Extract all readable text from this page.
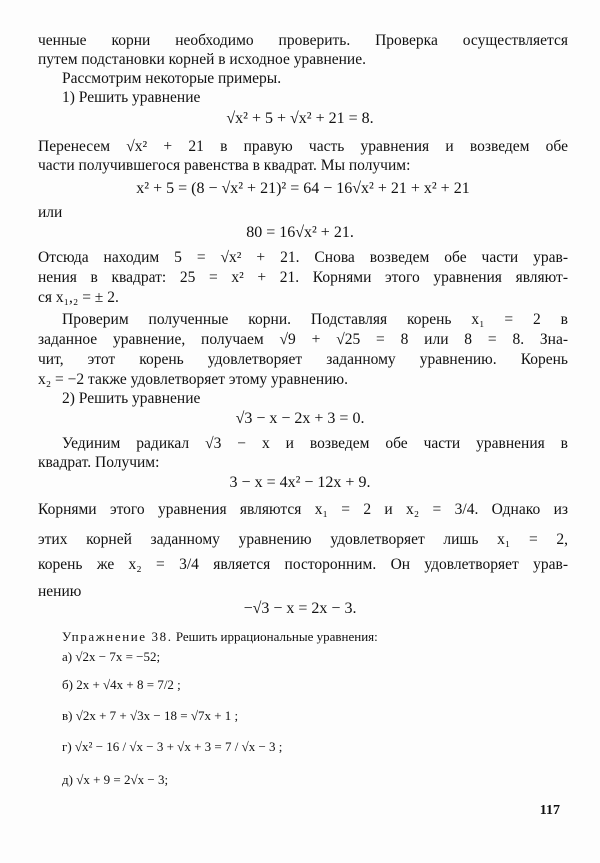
ченные корни необходимо проверить. Проверка осуществляется
путем подстановки корней в исходное уравнение.
Рассмотрим некоторые примеры.
1) Решить уравнение
√x² + 5 + √x² + 21 = 8.
Перенесем √x² + 21 в правую часть уравнения и возведем обе
части получившегося равенства в квадрат. Мы получим:
x² + 5 = (8 − √x² + 21)² = 64 − 16√x² + 21 + x² + 21
или
80 = 16√x² + 21.
Отсюда находим 5 = √x² + 21. Снова возведем обе части урав-
нения в квадрат: 25 = x² + 21. Корнями этого уравнения являют-
ся x₁,₂ = ± 2.
Проверим полученные корни. Подставляя корень x₁ = 2 в
заданное уравнение, получаем √9 + √25 = 8 или 8 = 8. Зна-
чит, этот корень удовлетворяет заданному уравнению. Корень
x₂ = −2 также удовлетворяет этому уравнению.
2) Решить уравнение
√3 − x − 2x + 3 = 0.
Уединим радикал √3 − x и возведем обе части уравнения в
квадрат. Получим:
3 − x = 4x² − 12x + 9.
Корнями этого уравнения являются x₁ = 2 и x₂ = 3/4. Однако из
этих корней заданному уравнению удовлетворяет лишь x₁ = 2,
корень же x₂ = 3/4 является посторонним. Он удовлетворяет урав-
нению
−√3 − x = 2x − 3.
Упражнение 38. Решить иррациональные уравнения:
а) √2x − 7x = −52;
б) 2x + √4x + 8 = 7/2 ;
в) √2x + 7 + √3x − 18 = √7x + 1 ;
г) √x² − 16 / √x − 3 + √x + 3 = 7 / √x − 3 ;
д) √x + 9 = 2√x − 3;
117
